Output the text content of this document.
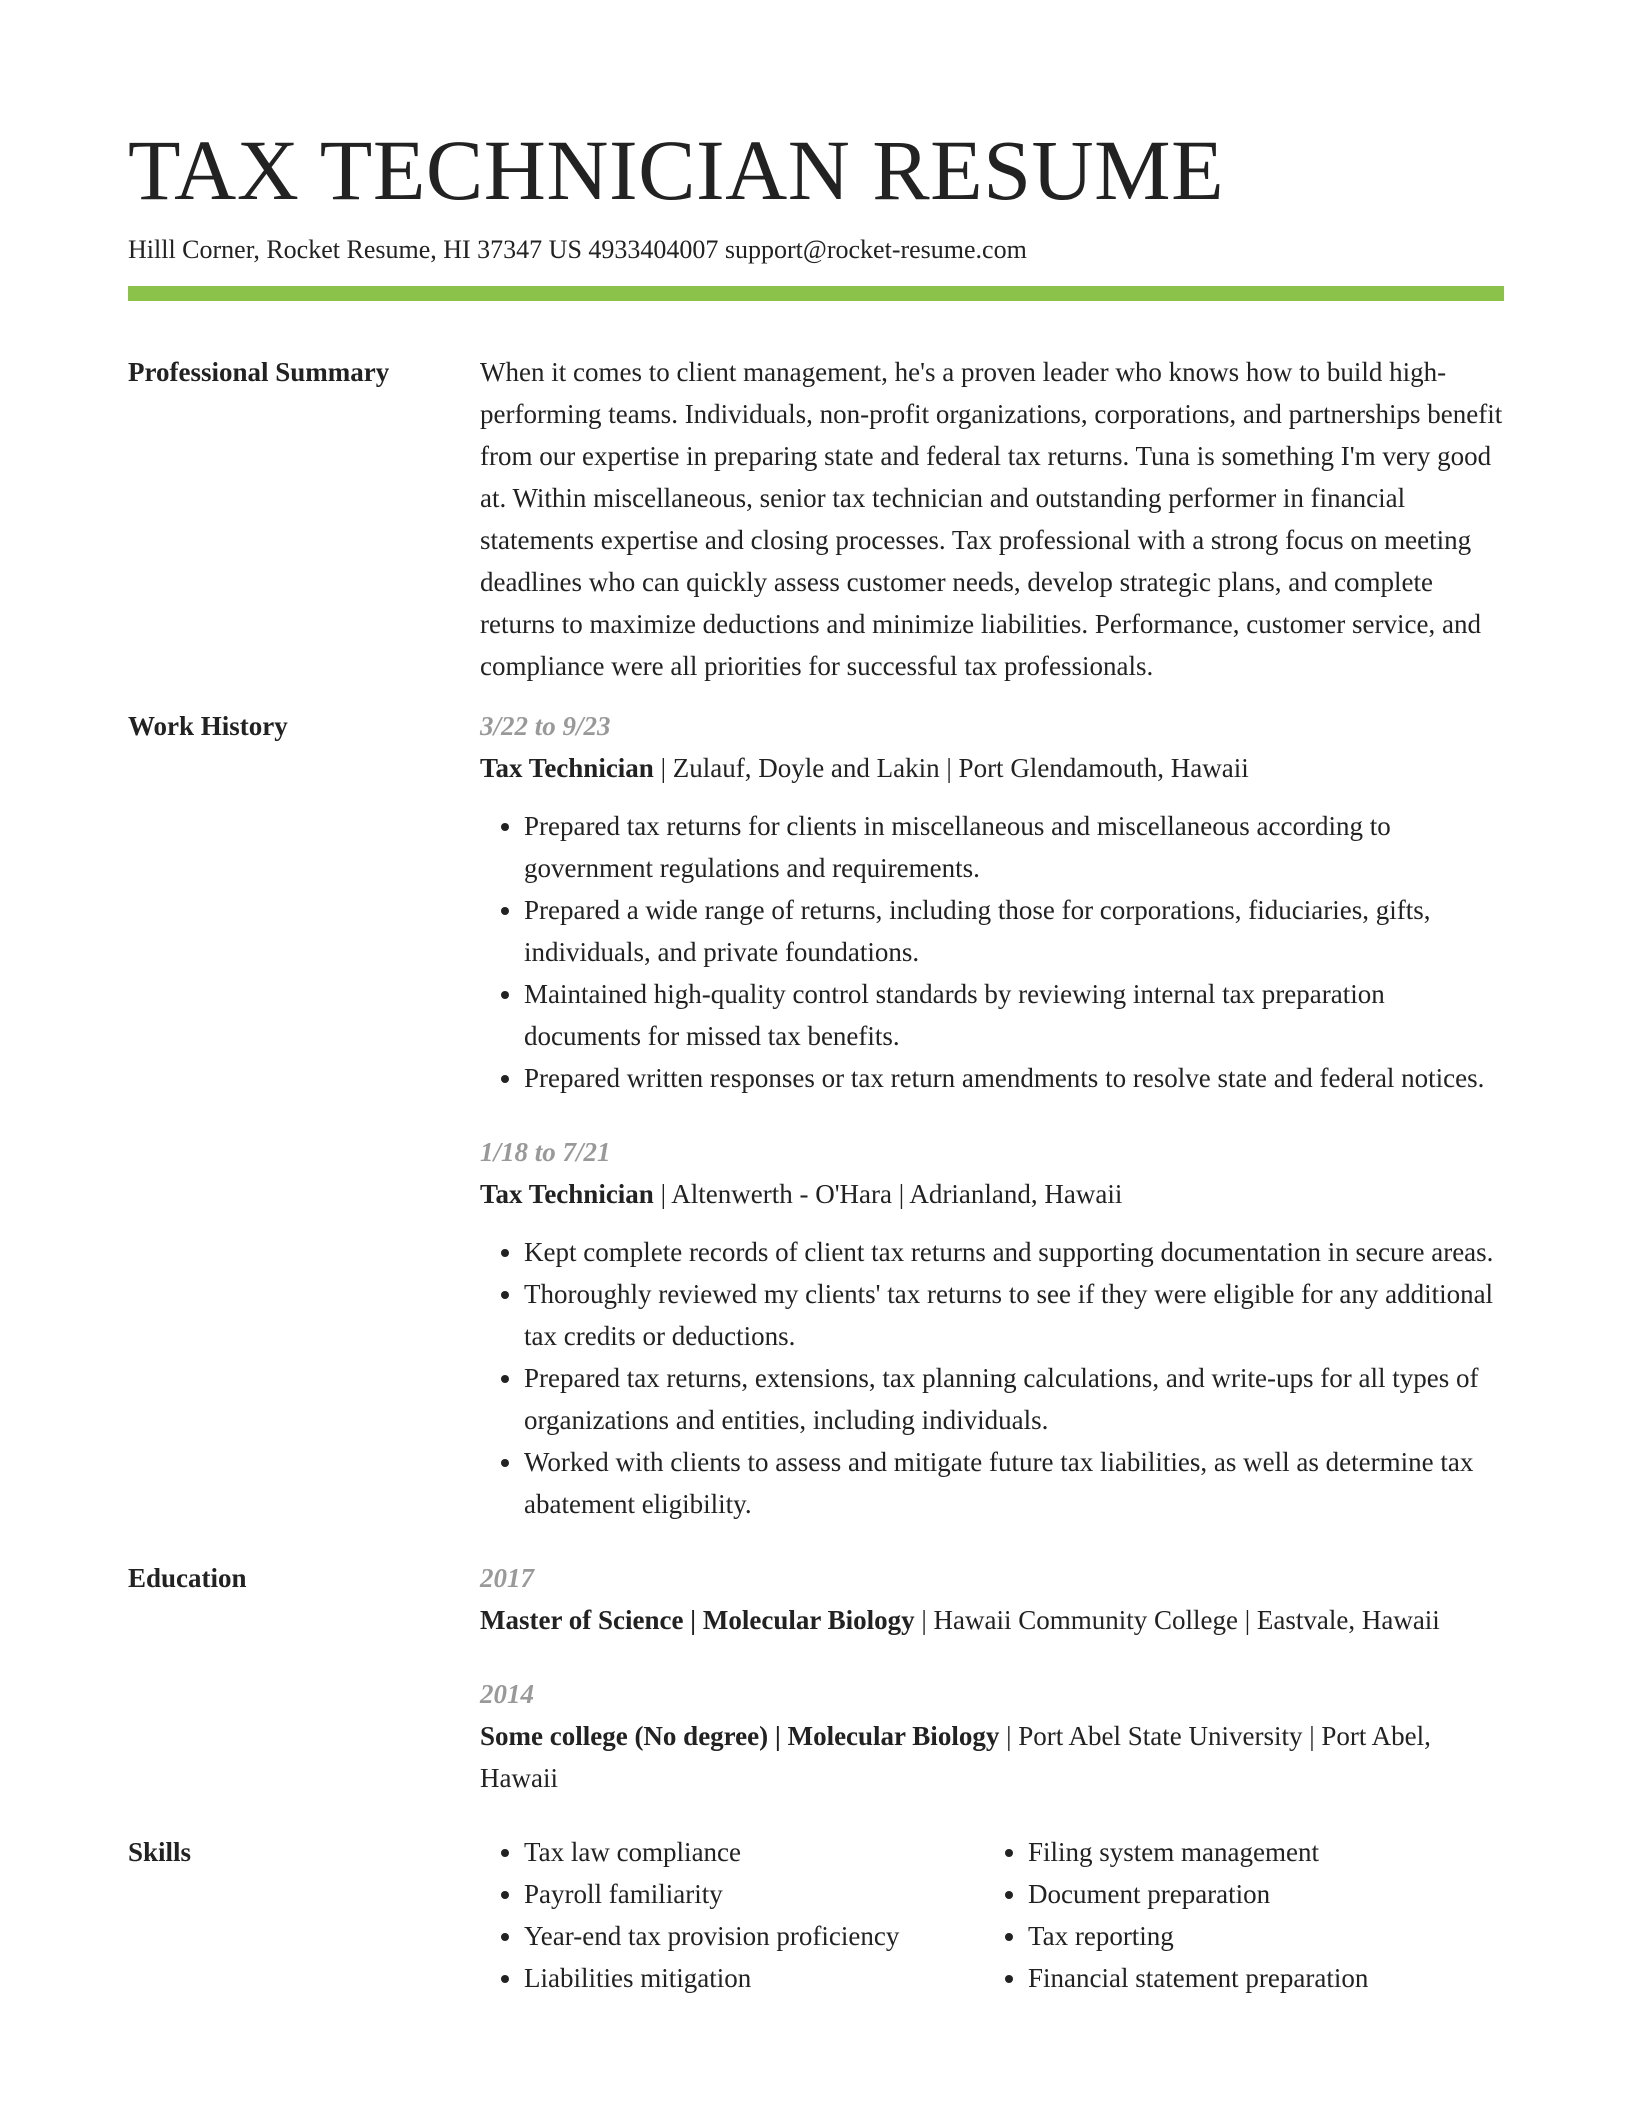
TAX TECHNICIAN RESUME
Hilll Corner, Rocket Resume, HI 37347 US 4933404007 support@rocket-resume.com
Professional Summary	When it comes to client management, he's a proven leader who knows how to build high-performing teams. Individuals, non-profit organizations, corporations, and partnerships benefit from our expertise in preparing state and federal tax returns. Tuna is something I'm very good at. Within miscellaneous, senior tax technician and outstanding performer in financial statements expertise and closing processes. Tax professional with a strong focus on meeting deadlines who can quickly assess customer needs, develop strategic plans, and complete returns to maximize deductions and minimize liabilities. Performance, customer service, and compliance were all priorities for successful tax professionals.

Work History	3/22 to 9/23
Tax Technician | Zulauf, Doyle and Lakin | Port Glendamouth, Hawaii
• Prepared tax returns for clients in miscellaneous and miscellaneous according to government regulations and requirements.
• Prepared a wide range of returns, including those for corporations, fiduciaries, gifts, individuals, and private foundations.
• Maintained high-quality control standards by reviewing internal tax preparation documents for missed tax benefits.
• Prepared written responses or tax return amendments to resolve state and federal notices.
1/18 to 7/21
Tax Technician | Altenwerth - O'Hara | Adrianland, Hawaii
• Kept complete records of client tax returns and supporting documentation in secure areas.
• Thoroughly reviewed my clients' tax returns to see if they were eligible for any additional tax credits or deductions.
• Prepared tax returns, extensions, tax planning calculations, and write-ups for all types of organizations and entities, including individuals.
• Worked with clients to assess and mitigate future tax liabilities, as well as determine tax abatement eligibility.
Education	2017
Master of Science | Molecular Biology | Hawaii Community College | Eastvale, Hawaii
2014
Some college (No degree) | Molecular Biology | Port Abel State University | Port Abel, Hawaii
Skills
•	Tax law compliance
• Payroll familiarity
• Year-end tax provision proficiency
• Liabilities mitigation
• Filing system management
• Document preparation
• Tax reporting
• Financial statement preparation
